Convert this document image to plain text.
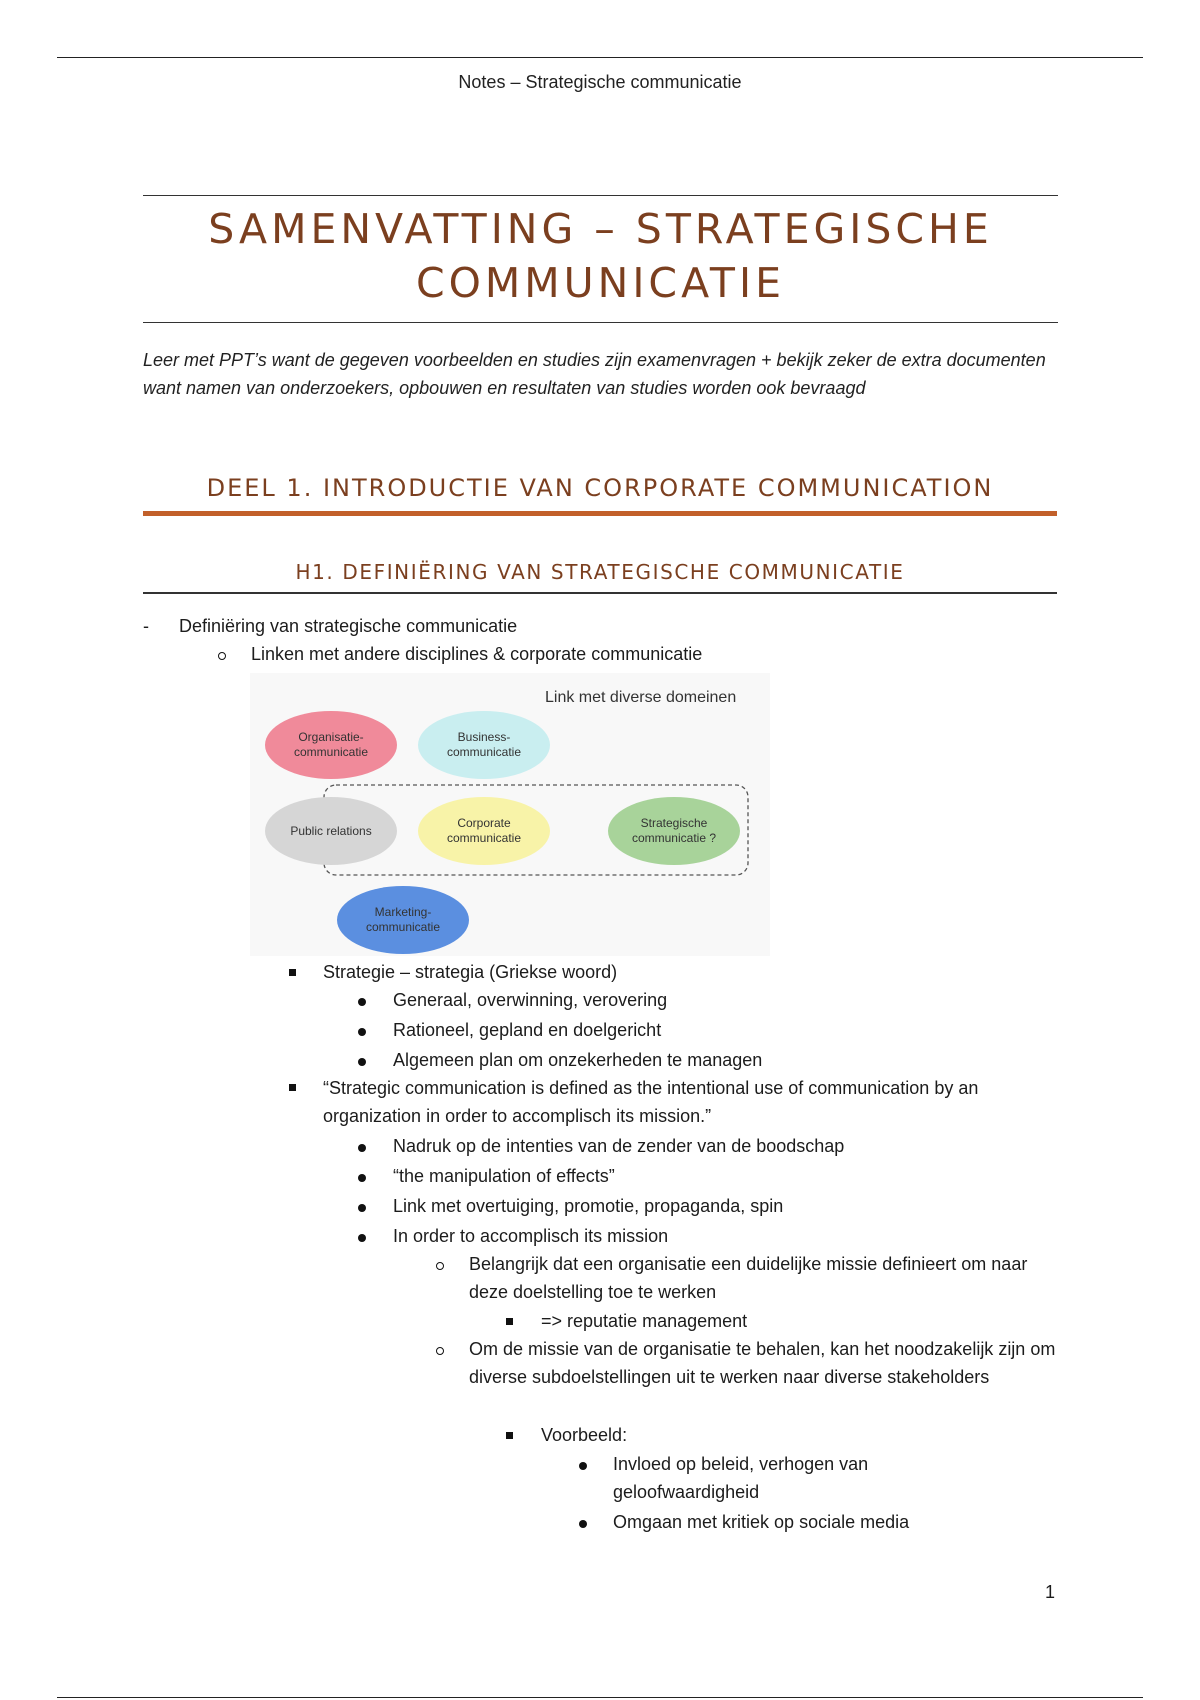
Notes – Strategische communicatie
SAMENVATTING – STRATEGISCHE
COMMUNICATIE
Leer met PPT’s want de gegeven voorbeelden en studies zijn examenvragen + bekijk zeker de extra documenten want namen van onderzoekers, opbouwen en resultaten van studies worden ook bevraagd
DEEL 1. INTRODUCTIE VAN CORPORATE COMMUNICATION
H1. DEFINIËRING VAN STRATEGISCHE COMMUNICATIE
- Definiëring van strategische communicatie
Linken met andere disciplines & corporate communicatie
Link met diverse domeinen
Organisatie-
communicatie
Business-
communicatie
Public relations
Corporate
communicatie
Strategische
communicatie ?
Marketing-
communicatie
Strategie – strategia (Griekse woord)
Generaal, overwinning, verovering
Rationeel, gepland en doelgericht
Algemeen plan om onzekerheden te managen
“Strategic communication is defined as the intentional use of communication by an organization in order to accomplisch its mission.”
Nadruk op de intenties van de zender van de boodschap
“the manipulation of effects”
Link met overtuiging, promotie, propaganda, spin
In order to accomplisch its mission
Belangrijk dat een organisatie een duidelijke missie definieert om naar deze doelstelling toe te werken
=> reputatie management
Om de missie van de organisatie te behalen, kan het noodzakelijk zijn om diverse subdoelstellingen uit te werken naar diverse stakeholders
Voorbeeld:
Invloed op beleid, verhogen van geloofwaardigheid
Omgaan met kritiek op sociale media
1
